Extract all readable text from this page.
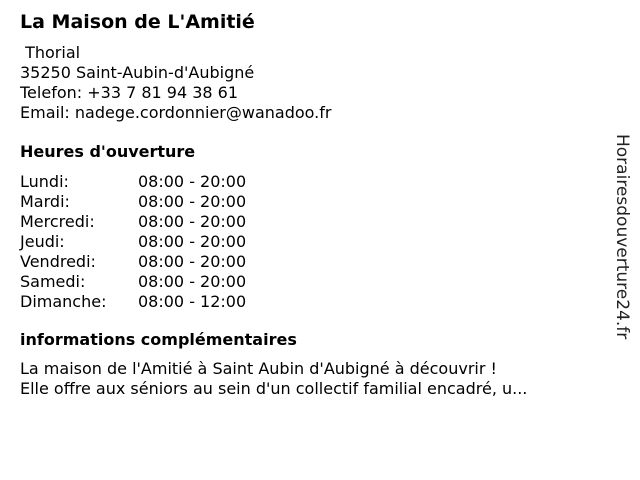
La Maison de L'Amitié
Thorial
35250 Saint-Aubin-d'Aubigné
Telefon: +33 7 81 94 38 61
Email: nadege.cordonnier@wanadoo.fr
Heures d'ouverture
Lundi:	08:00 - 20:00
Mardi:	08:00 - 20:00
Mercredi:	08:00 - 20:00
Jeudi:	08:00 - 20:00
Vendredi:	08:00 - 20:00
Samedi:	08:00 - 20:00
Dimanche:	08:00 - 12:00
informations complémentaires
La maison de l'Amitié à Saint Aubin d'Aubigné à découvrir !
Elle offre aux séniors au sein d'un collectif familial encadré, u...
Horairesdouverture24.fr
